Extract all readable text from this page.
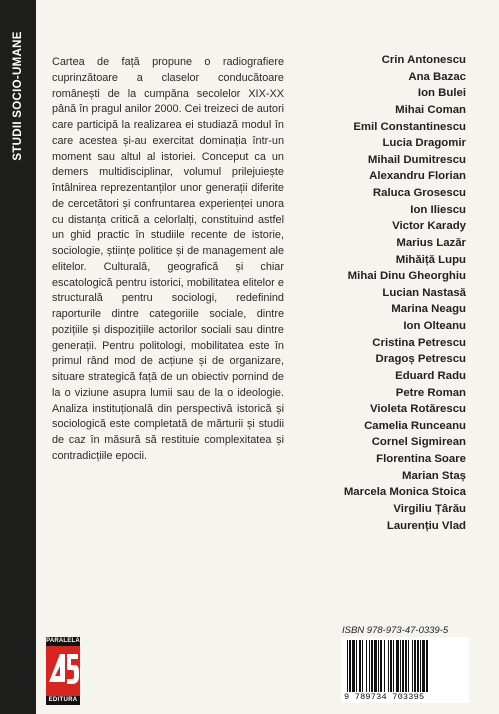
STUDII SOCIO-UMANE	Cartea de față propune o radiografiere cuprinzătoare a claselor conducătoare românești de la cumpăna secolelor XIX-XX până în pragul anilor 2000. Cei treizeci de autori care participă la realizarea ei studiază modul în care acestea și-au exercitat dominația într-un moment sau altul al istoriei. Conceput ca un demers multidisciplinar, volumul prilejuiește întâlnirea reprezentanților unor generații diferite de cercetători și confruntarea experienței unora cu distanța critică a celorlalți, constituind astfel un ghid practic în studiile recente de istorie, sociologie, științe politice și de management ale elitelor. Culturală, geografică și chiar escatologică pentru istorici, mobilitatea elitelor e structurală pentru sociologi, redefinind raporturile dintre categoriile sociale, dintre pozițiile și dispozițiile actorilor sociali sau dintre generații. Pentru politologi, mobilitatea este în primul rând mod de acțiune și de organizare, situare strategică față de un obiectiv pornind de la o viziune asupra lumii sau de la o ideologie. Analiza instituțională din perspectivă istorică și sociologică este completată de mărturii și studii de caz în măsură să restituie complexitatea și contradicțiile epocii.

Crin Antonescu
Ana Bazac
Ion Bulei
Mihai Coman
Emil Constantinescu
Lucia Dragomir
Mihail Dumitrescu
Alexandru Florian
Raluca Grosescu
Ion Iliescu
Victor Karady
Marius Lazăr
Mihăiță Lupu
Mihai Dinu Gheorghiu
Lucian Nastasă
Marina Neagu
Ion Olteanu
Cristina Petrescu
Dragoș Petrescu
Eduard Radu
Petre Roman
Violeta Rotărescu
Camelia Runceanu
Cornel Sigmirean
Florentina Soare
Marian Staș
Marcela Monica Stoica
Virgiliu Țârău
Laurențiu Vlad
PARALELA
EDITURA
ISBN 978-973-47-0339-5
9 789734 703395
